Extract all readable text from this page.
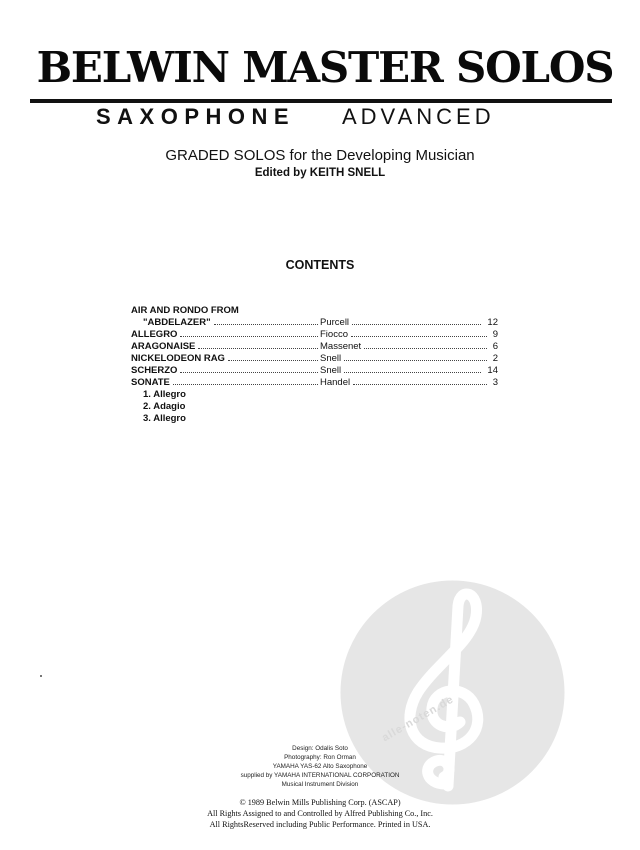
BELWIN MASTER SOLOS
SAXOPHONE ADVANCED
GRADED SOLOS for the Developing Musician
Edited by KEITH SNELL
CONTENTS
AIR AND RONDO FROM
"ABDELAZER"	Purcell	12
ALLEGRO	Fiocco	9
ARAGONAISE	Massenet	6
NICKELODEON RAG	Snell	2
SCHERZO	Snell	14
SONATE	Handel	3
1. Allegro
2. Adagio
3. Allegro
alle-noten.de
Design: Odalis Soto
Photography: Ron Orman
YAMAHA YAS-62 Alto Saxophone
supplied by YAMAHA INTERNATIONAL CORPORATION
Musical Instrument Division
© 1989 Belwin Mills Publishing Corp. (ASCAP)
All Rights Assigned to and Controlled by Alfred Publishing Co., Inc.
All RightsReserved including Public Performance. Printed in USA.
